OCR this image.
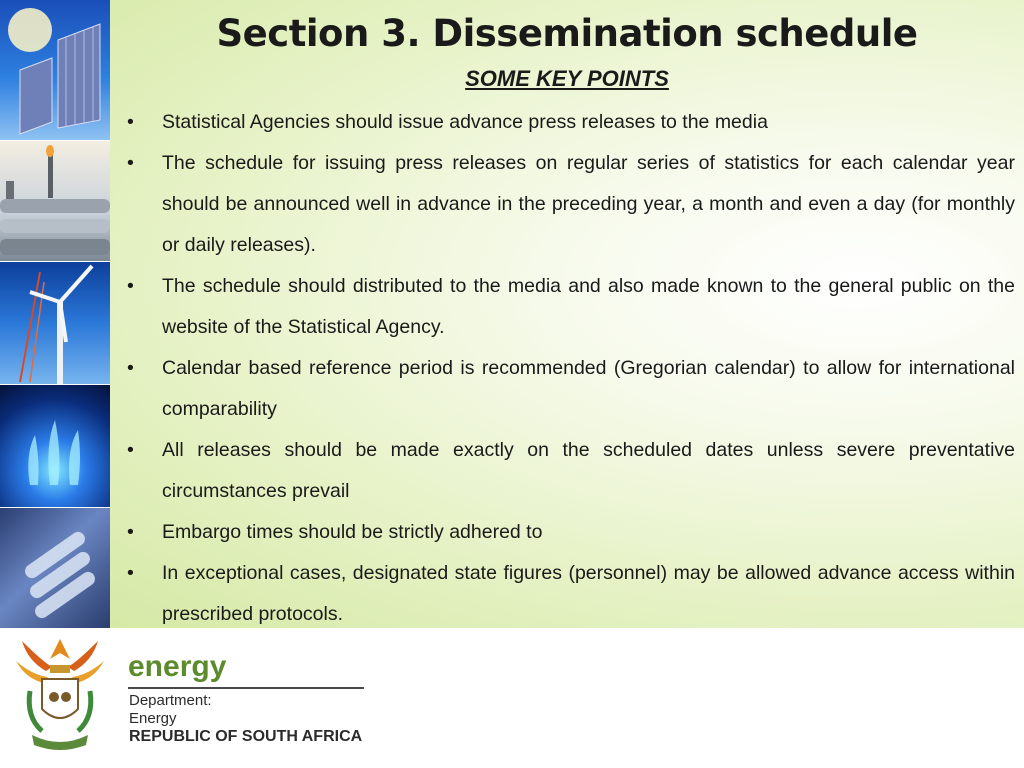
Section 3. Dissemination schedule
SOME KEY POINTS
• Statistical Agencies should issue advance press releases to the media
• The schedule for issuing press releases on regular series of statistics for each calendar year should be announced well in advance in the preceding year, a month and even a day (for monthly or daily releases).
• The schedule should distributed to the media and also made known to the general public on the website of the Statistical Agency.
• Calendar based reference period is recommended (Gregorian calendar) to allow for international comparability
• All releases should be made exactly on the scheduled dates unless severe preventative circumstances prevail
• Embargo times should be strictly adhered to
• In exceptional cases, designated state figures (personnel) may be allowed advance access within prescribed protocols.
energy
Department:
Energy
REPUBLIC OF SOUTH AFRICA
